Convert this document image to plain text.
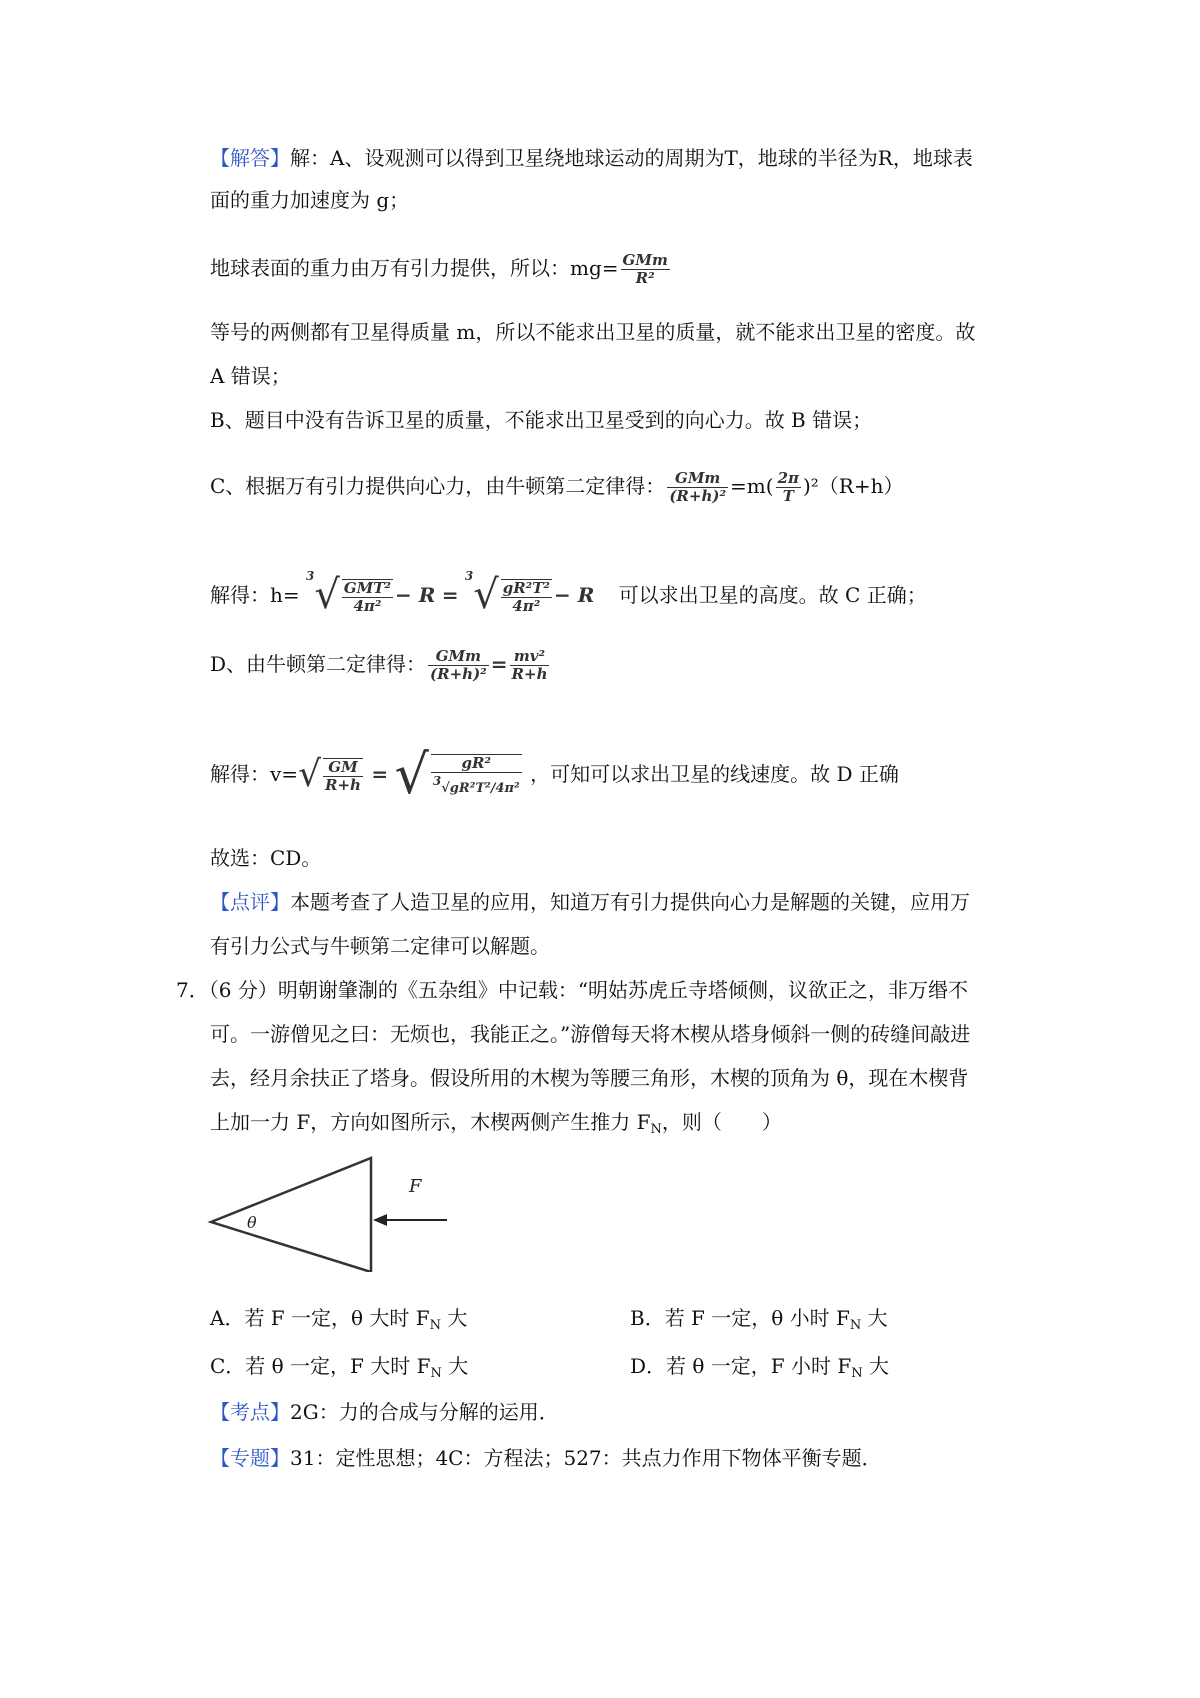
【解答】解：A、设观测可以得到卫星绕地球运动的周期为T，地球的半径为R，地球表
面的重力加速度为 g；
地球表面的重力由万有引力提供，所以：$mg= \frac{\text{GMm}}{\text{R²}}$
等号的两侧都有卫星得质量 m，所以不能求出卫星的质量，就不能求出卫星的密度。故
A 错误；
B、题目中没有告诉卫星的质量，不能求出卫星受到的向心力。故 B 错误；
C、根据万有引力提供向心力，由牛顿第二定律得： $\frac{\text{GMm}}{\text{(R+h)²}} =m( \frac{2\pi}{T} )^2(R+h)$
解得：$h= ^3√ \frac{\text{GMT²}}{\text{4π²}} - R = ^3√ \frac{\text{gR²T²}}{\text{4π²}} - R$ 可以求出卫星的高度。故 C 正确；
D、由牛顿第二定律得： $\frac{\text{GMm}}{\text{(R+h)²}} = \frac{\text{mv²}}{R+h}$
解得：$v=√ \frac{GM}{R+h}$ = √ $\frac{\text{gR²}}{\text{3√gR²T²/4π²}}$ ，可知可以求出卫星的线速度。故 D 正确
故选：CD。
【点评】本题考查了人造卫星的应用，知道万有引力提供向心力是解题的关键，应用万
有引力公式与牛顿第二定律可以解题。
7．（6 分）明朝谢肇淛的《五杂组》中记载：“明姑苏虎丘寺塔倾侧，议欲正之，非万缗不
可。一游僧见之曰：无烦也，我能正之。”游僧每天将木楔从塔身倾斜一侧的砖缝间敲进
去，经月余扶正了塔身。假设所用的木楔为等腰三角形，木楔的顶角为 θ，现在木楔背
上加一力 F，方向如图所示，木楔两侧产生推力 $F_N$，则（　　）
F
θ
A．若 F 一定，θ 大时 $F_N$ 大	B．若 F 一定，θ 小时 $F_N$ 大
C．若 θ 一定，F 大时 $F_N$ 大	D．若 θ 一定，F 小时 $F_N$ 大
【考点】2G：力的合成与分解的运用．
【专题】31：定性思想；4C：方程法；527：共点力作用下物体平衡专题．
